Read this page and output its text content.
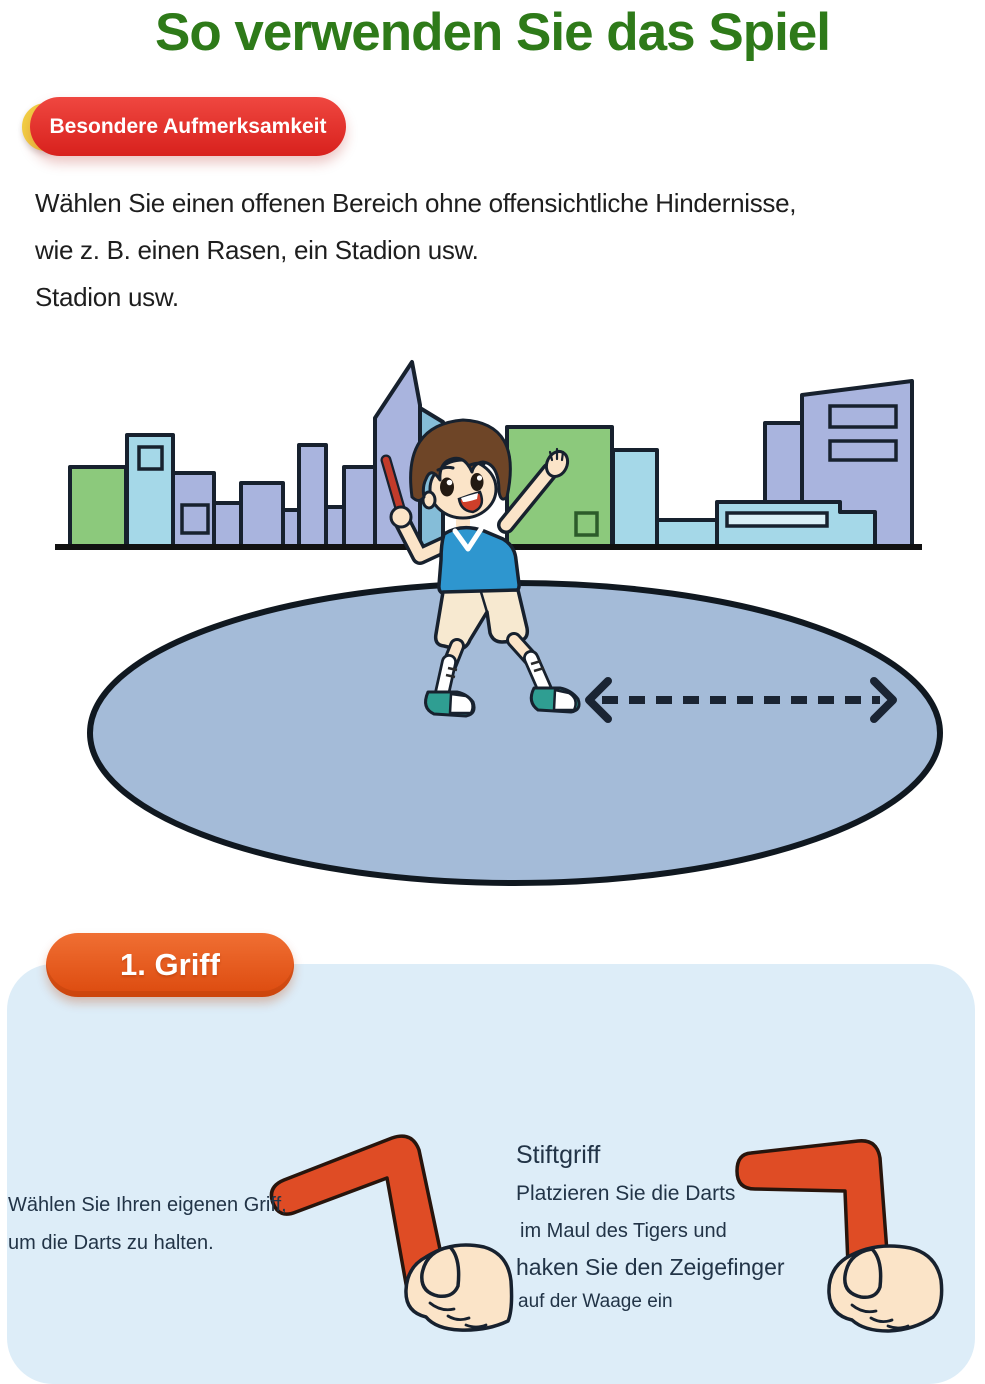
So verwenden Sie das Spiel
Besondere Aufmerksamkeit
Wählen Sie einen offenen Bereich ohne offensichtliche Hindernisse,
wie z. B. einen Rasen, ein Stadion usw.
Stadion usw.
1. Griff
Wählen Sie Ihren eigenen Griff,
um die Darts zu halten.
Stiftgriff
Platzieren Sie die Darts
im Maul des Tigers und
haken Sie den Zeigefinger
auf der Waage ein
